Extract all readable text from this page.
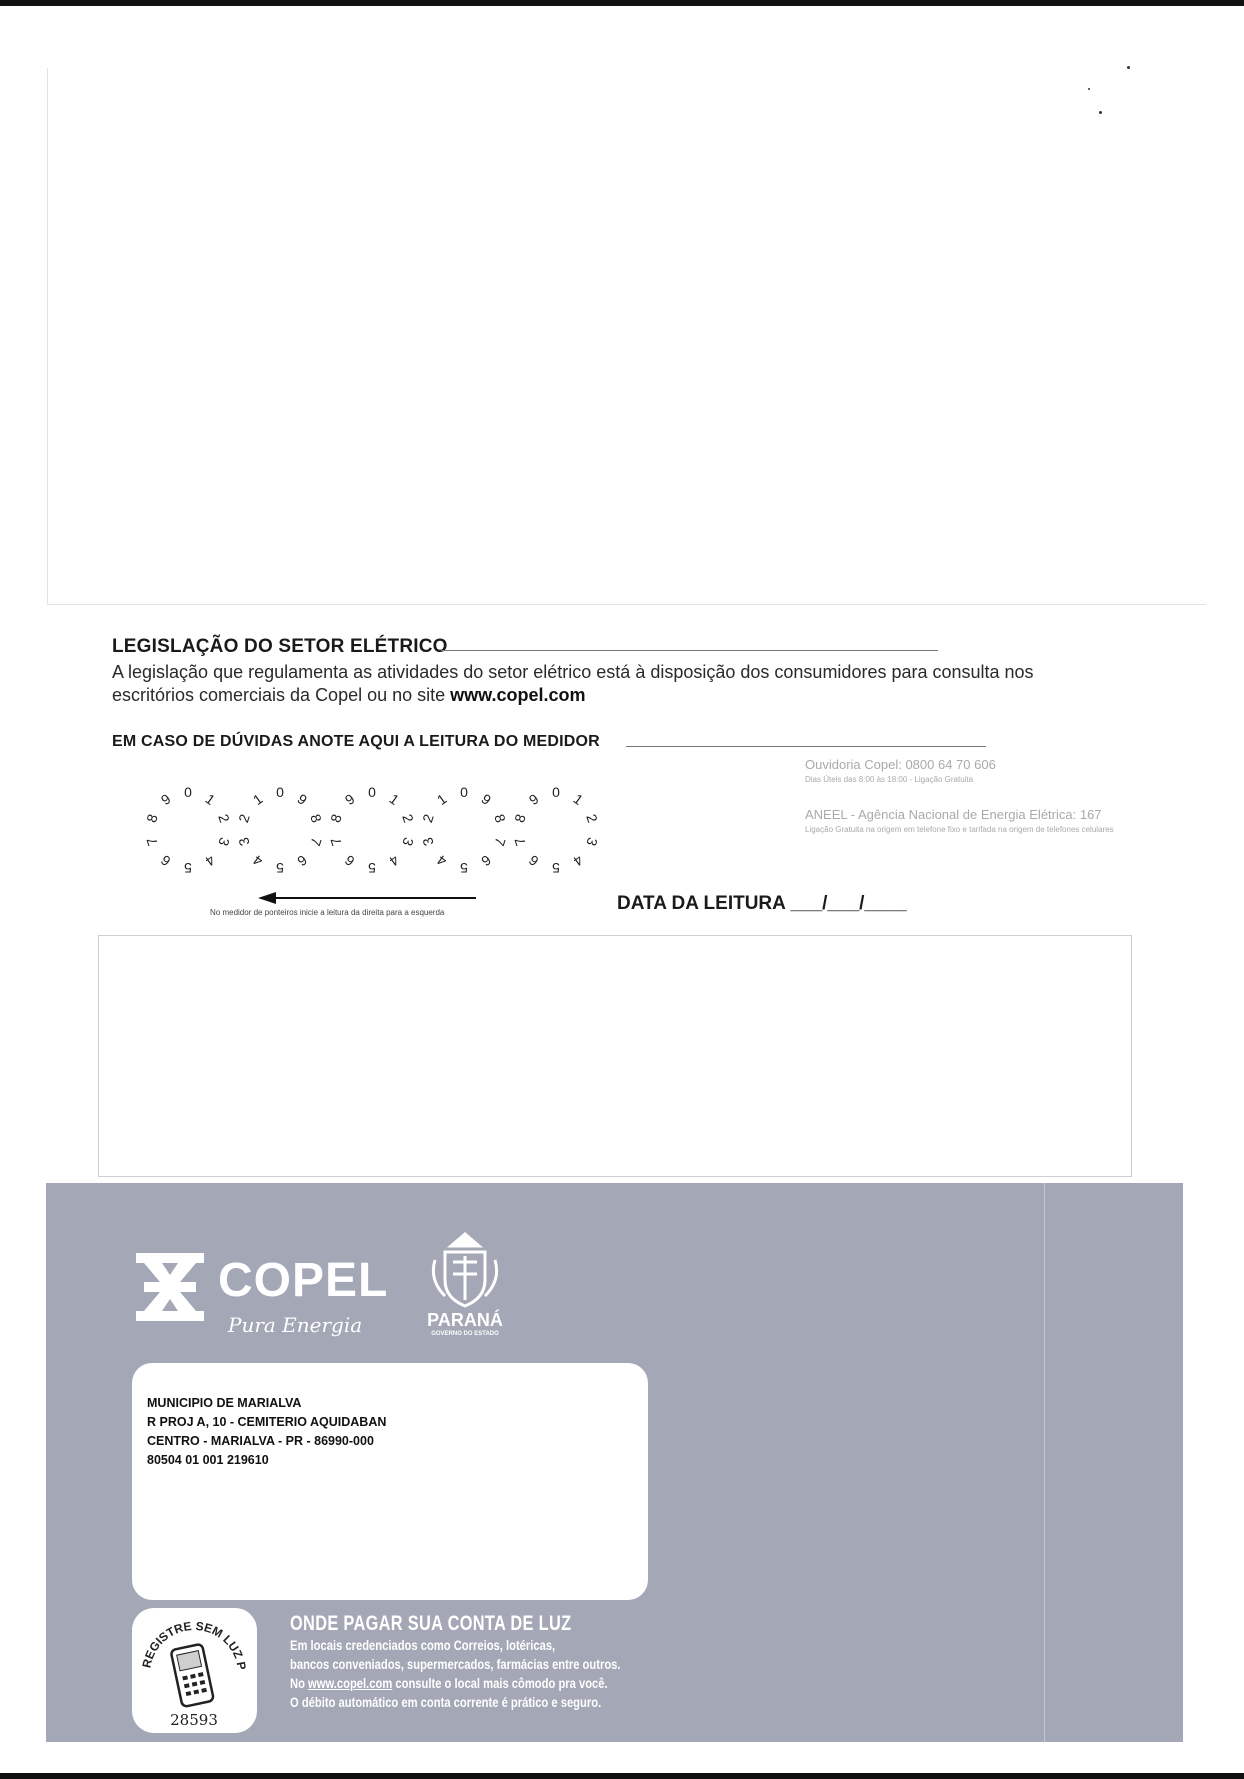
LEGISLAÇÃO DO SETOR ELÉTRICO
A legislação que regulamenta as atividades do setor elétrico está à disposição dos consumidores para consulta nos escritórios comerciais da Copel ou no site www.copel.com
EM CASO DE DÚVIDAS ANOTE AQUI A LEITURA DO MEDIDOR
Ouvidoria Copel: 0800 64 70 606
Dias Úteis das 8:00 às 18:00 - Ligação Gratuita
ANEEL - Agência Nacional de Energia Elétrica: 167
Ligação Gratuita na origem em telefone fixo e tarifada na origem de telefones celulares
0 1
2
3
4
5
6
7
8
9	0
1
2
3
4 5 6
7
8
9	0 1
2
3
4
5
6
7
8
9	0
1
2
3
4 5 6
7
8
9	0 1
2
3
4
5
6
7
8
9
No medidor de ponteiros inicie a leitura da direita para a esquerda	DATA DA LEITURA ___/___/____
COPEL
Pura Energia	PARANÁ
GOVERNO DO ESTADO
MUNICIPIO DE MARIALVA
R PROJ A, 10 - CEMITERIO AQUIDABAN
CENTRO - MARIALVA - PR - 86990-000
80504 01 001 219610
REGISTRE SEM LUZ P
28593
ONDE PAGAR SUA CONTA DE LUZ
Em locais credenciados como Correios, lotéricas,
bancos conveniados, supermercados, farmácias entre outros.
No www.copel.com consulte o local mais cômodo pra você.
O débito automático em conta corrente é prático e seguro.
